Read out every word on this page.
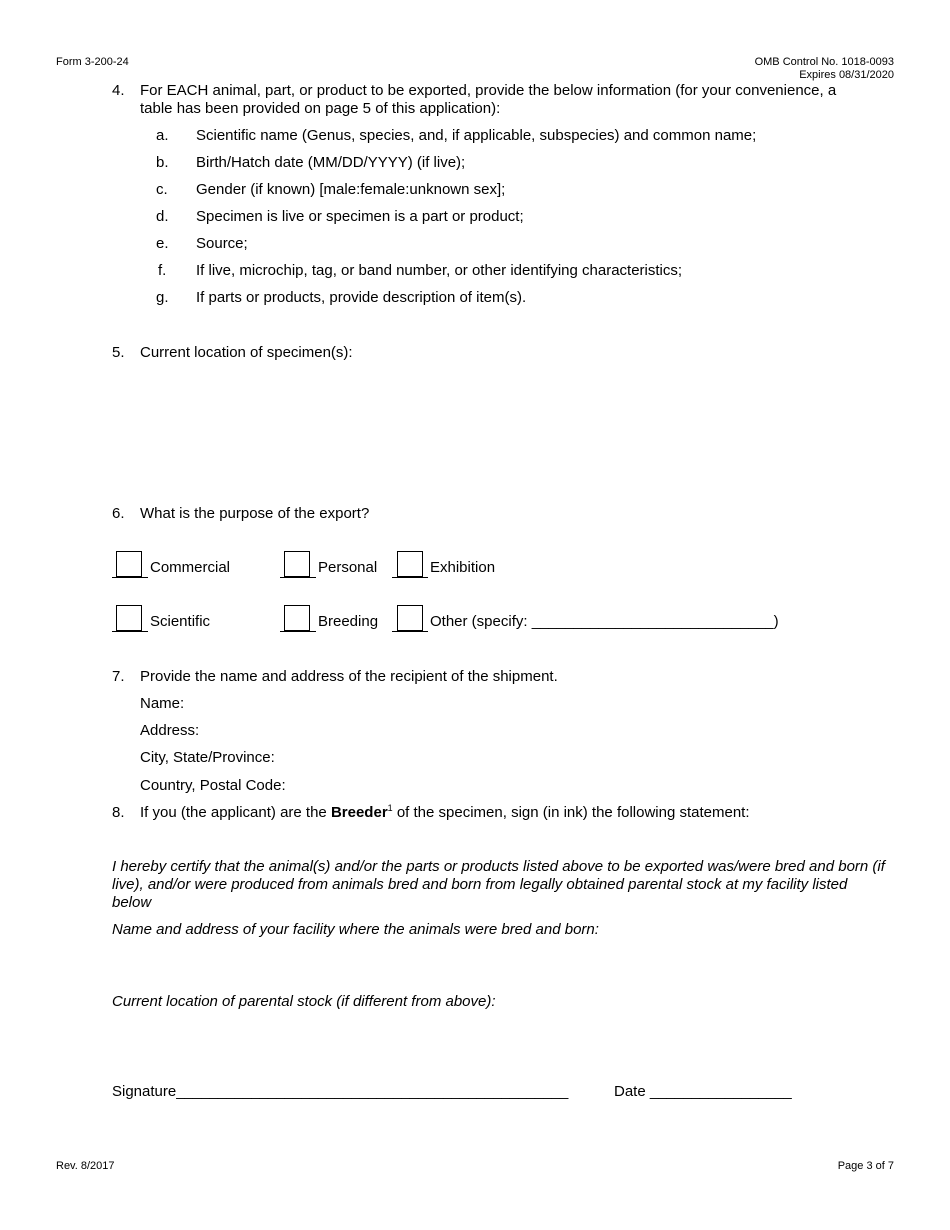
Form 3-200-24	OMB Control No. 1018-0093
Expires 08/31/2020
4. For EACH animal, part, or product to be exported, provide the below information (for your convenience, a table has been provided on page 5 of this application):
a. Scientific name (Genus, species, and, if applicable, subspecies) and common name;
b. Birth/Hatch date (MM/DD/YYYY) (if live);
c. Gender (if known) [male:female:unknown sex];
d. Specimen is live or specimen is a part or product;
e. Source;
f. If live, microchip, tag, or band number, or other identifying characteristics;
g. If parts or products, provide description of item(s).
5. Current location of specimen(s):
6. What is the purpose of the export?
Commercial	Personal	Exhibition
Scientific	Breeding	Other (specify: _____________________________)
7. Provide the name and address of the recipient of the shipment.
Name:
Address:
City, State/Province:
Country, Postal Code:
8. If you (the applicant) are the Breeder$^1$ of the specimen, sign (in ink) the following statement:
I hereby certify that the animal(s) and/or the parts or products listed above to be exported was/were bred and born (if live), and/or were produced from animals bred and born from legally obtained parental stock at my facility listed below
Name and address of your facility where the animals were bred and born:
Current location of parental stock (if different from above):
Signature_______________________________________________	Date _________________
Rev. 8/2017	Page 3 of 7
